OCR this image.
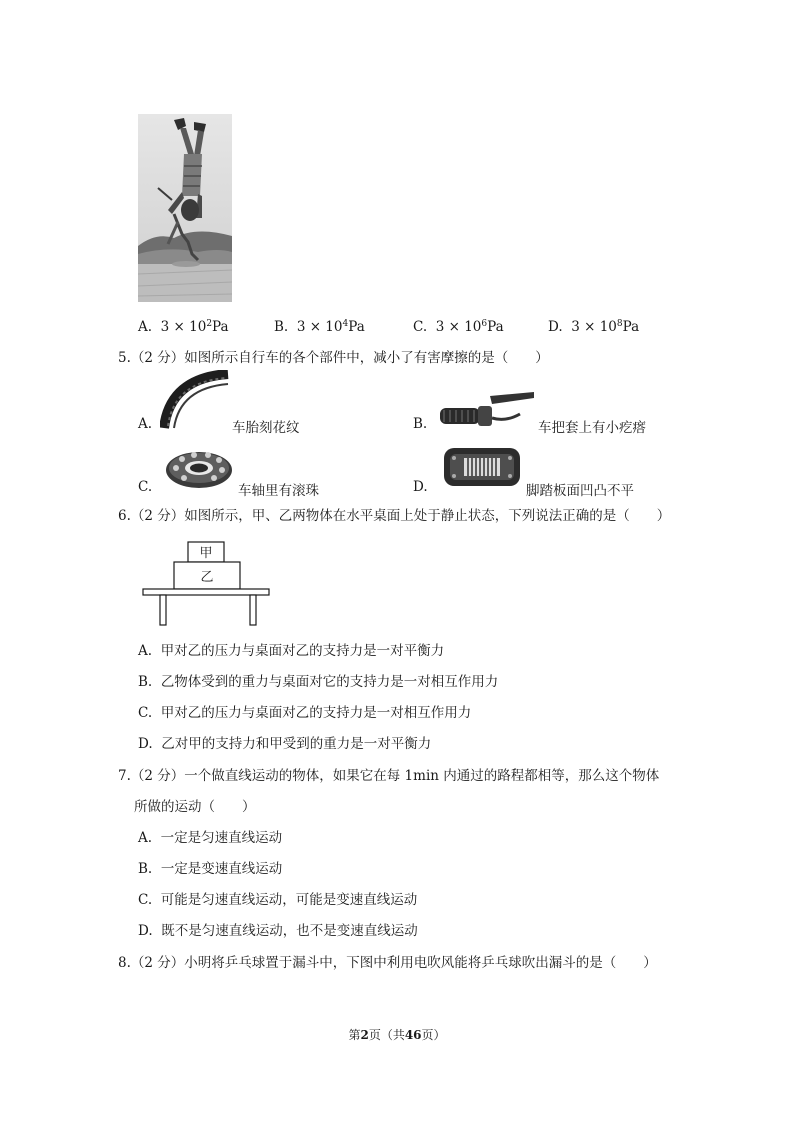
A. $3 \times 10^2Pa$	B. $3 \times 10^4Pa$	C. $3 \times 10^6Pa$	D. $3 \times 10^8Pa$
5.（2 分）如图所示自行车的各个部件中，减小了有害摩擦的是（　　）
A.	车胎刻花纹	B.	车把套上有小疙瘩
C.	车轴里有滚珠	D.	脚踏板面凹凸不平
6.（2 分）如图所示，甲、乙两物体在水平桌面上处于静止状态，下列说法正确的是（　　）
甲
乙
A. 甲对乙的压力与桌面对乙的支持力是一对平衡力
B. 乙物体受到的重力与桌面对它的支持力是一对相互作用力
C. 甲对乙的压力与桌面对乙的支持力是一对相互作用力
D. 乙对甲的支持力和甲受到的重力是一对平衡力
7.（2 分）一个做直线运动的物体，如果它在每 1min 内通过的路程都相等，那么这个物体
所做的运动（　　）
A. 一定是匀速直线运动
B. 一定是变速直线运动
C. 可能是匀速直线运动，可能是变速直线运动
D. 既不是匀速直线运动，也不是变速直线运动
8.（2 分）小明将乒乓球置于漏斗中，下图中利用电吹风能将乒乓球吹出漏斗的是（　　）
第2页（共46页）
